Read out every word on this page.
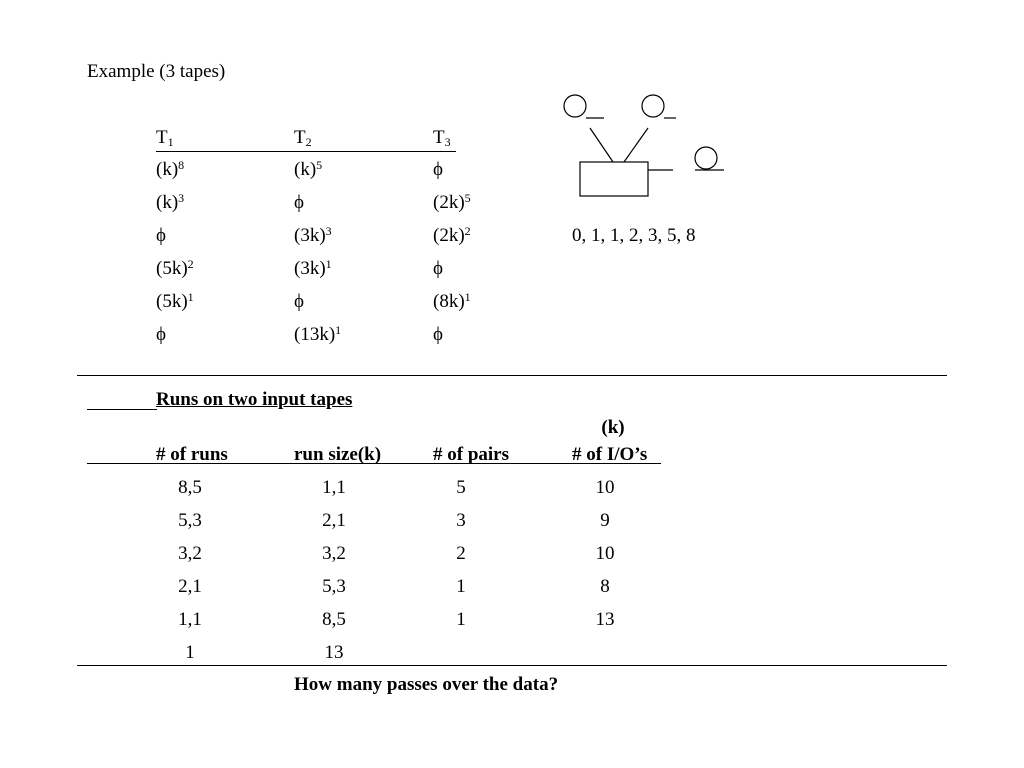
Example (3 tapes)
$T_1$	$T_2$	$T_3$
$(k)^8$	$(k)^5$	ϕ
$(k)^3$	ϕ	$(2k)^5$
ϕ	$(3k)^3$	$(2k)^2$
$(5k)^2$	$(3k)^1$	ϕ
$(5k)^1$	ϕ	$(8k)^1$
ϕ	$(13k)^1$	ϕ
0, 1, 1, 2, 3, 5, 8
Runs on two input tapes
(k)
# of runs	run size(k)	# of pairs	# of I/O’s
8,5	1,1	5	10
5,3	2,1	3	9
3,2	3,2	2	10
2,1	5,3	1	8
1,1	8,5	1	13
1	13
How many passes over the data?
